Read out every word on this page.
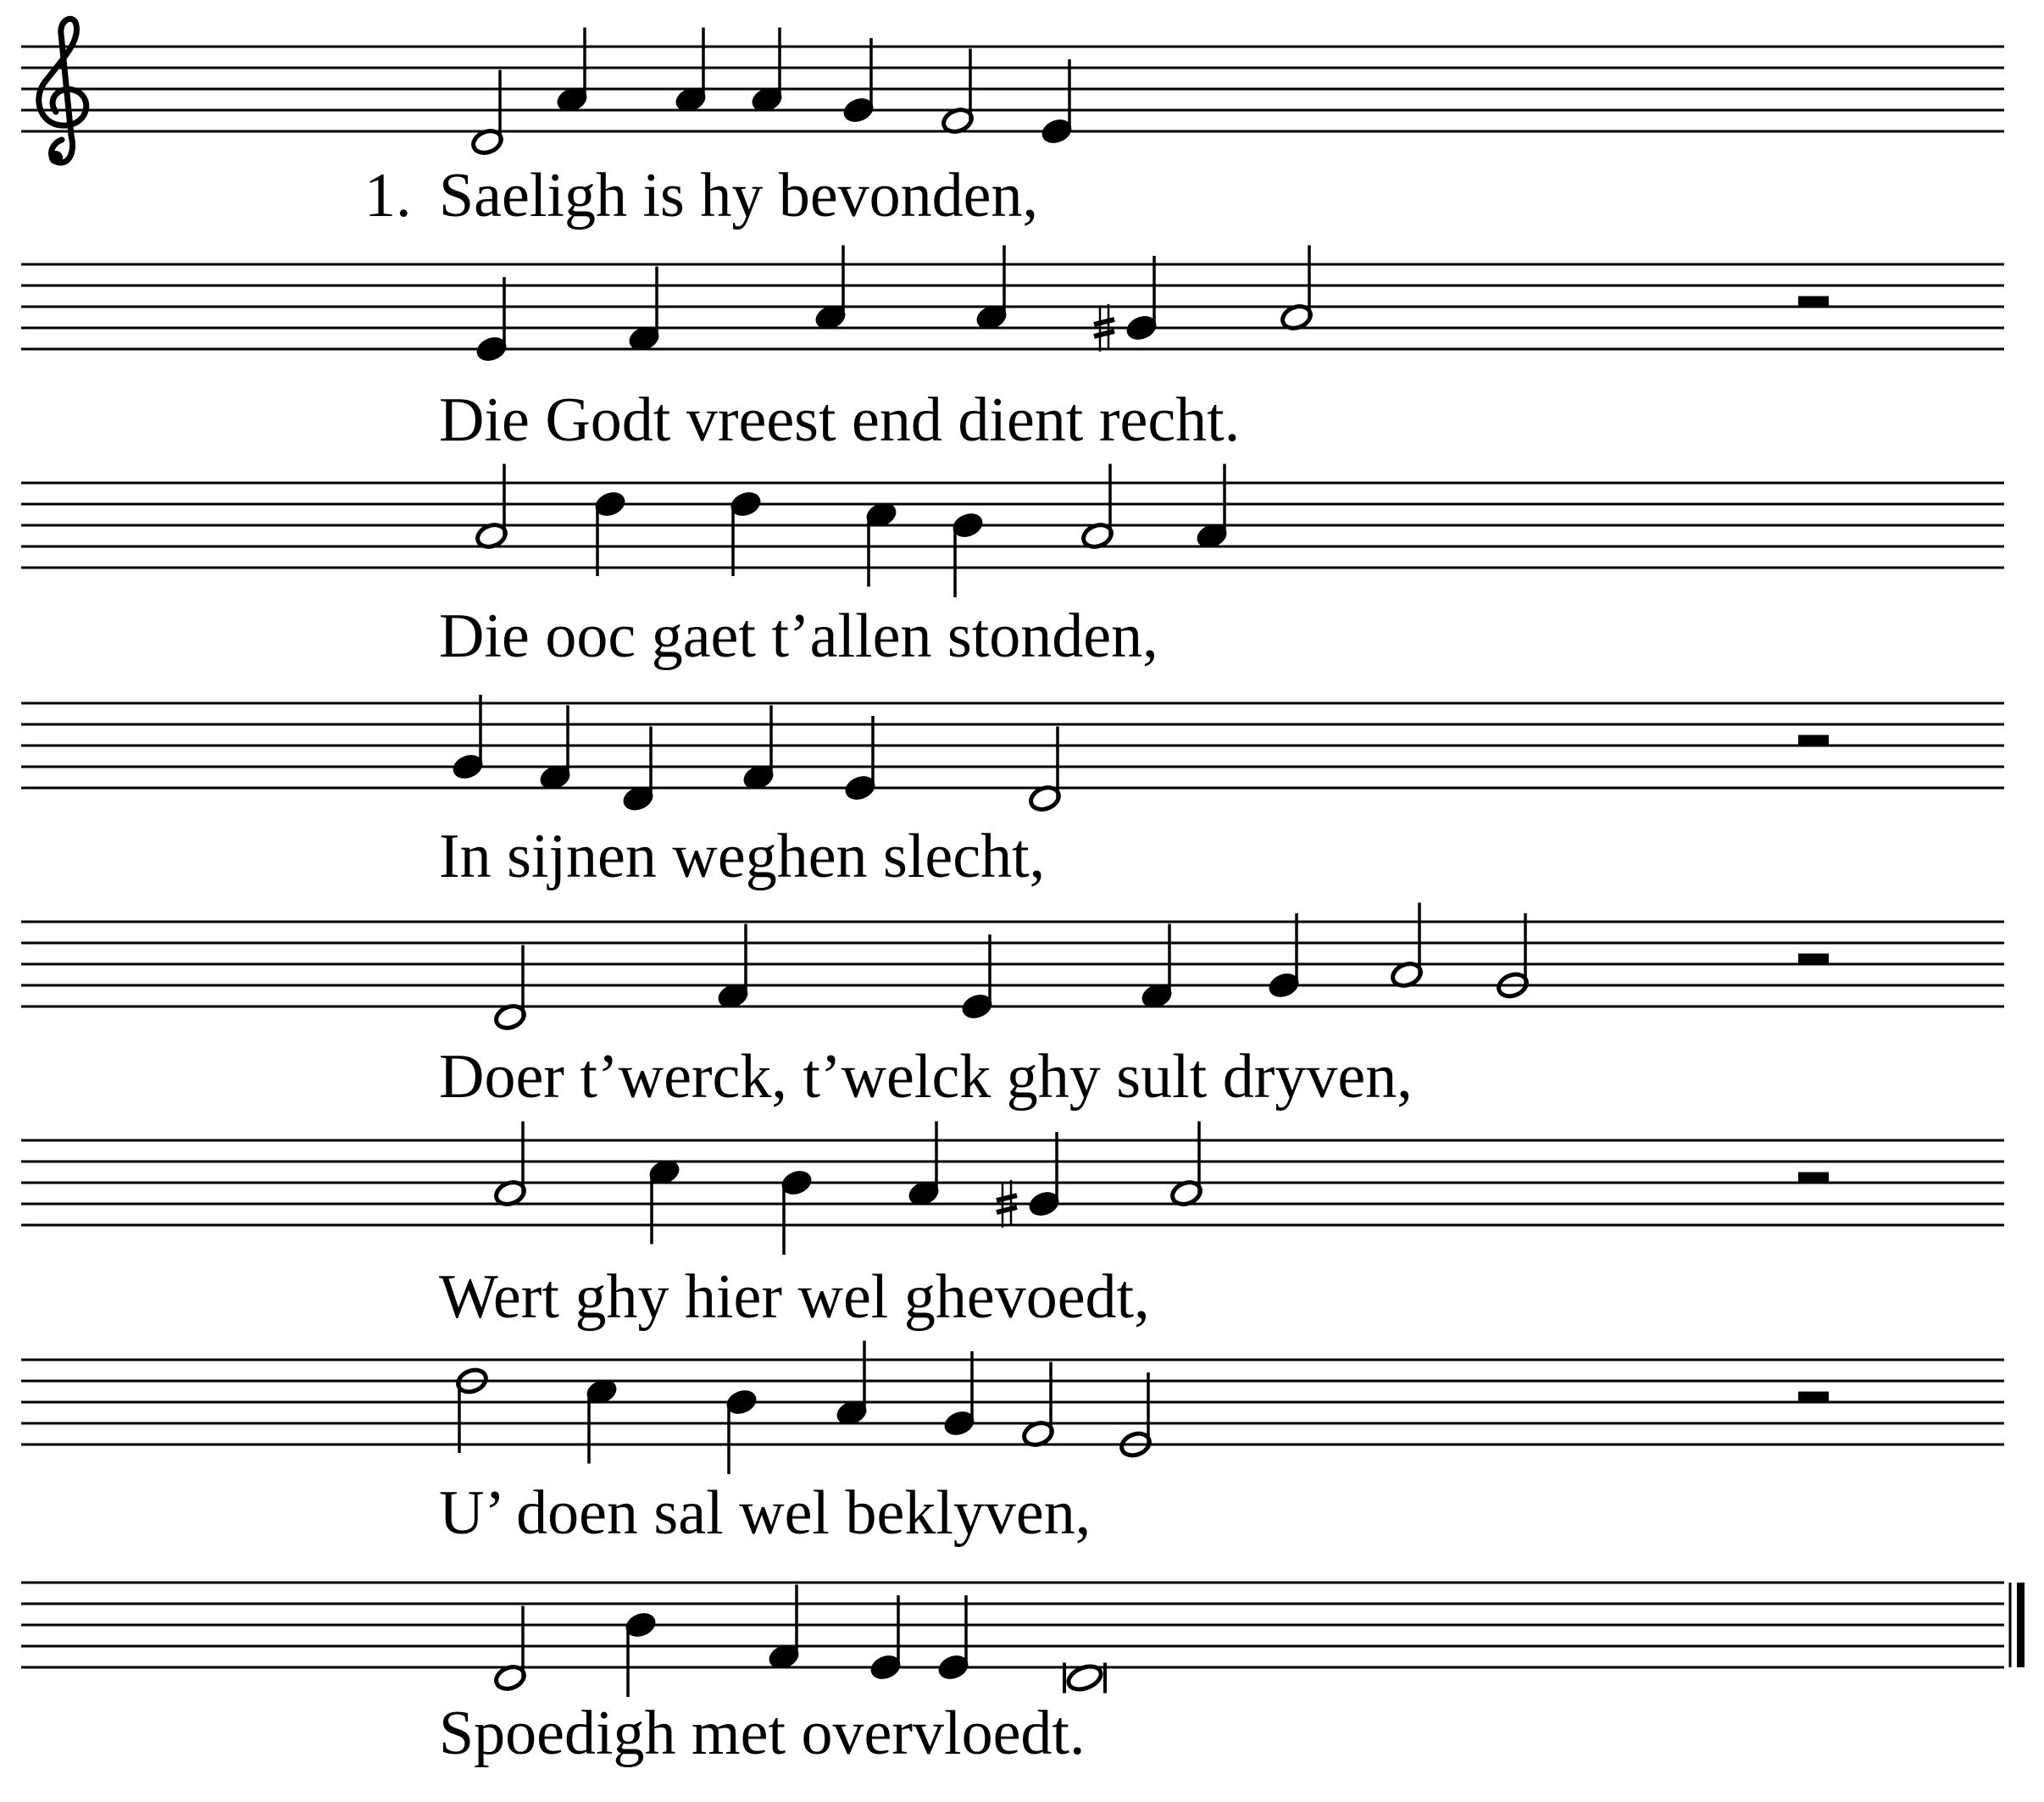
Saeligh is hy bevonden,
Die Godt vreest end dient recht.
Die ooc gaet t’allen stonden,
In sijnen weghen slecht,
Doer t’werck, t’welck ghy sult dryven,
Wert ghy hier wel ghevoedt,
U’ doen sal wel beklyven,
Spoedigh met overvloedt.
1.
